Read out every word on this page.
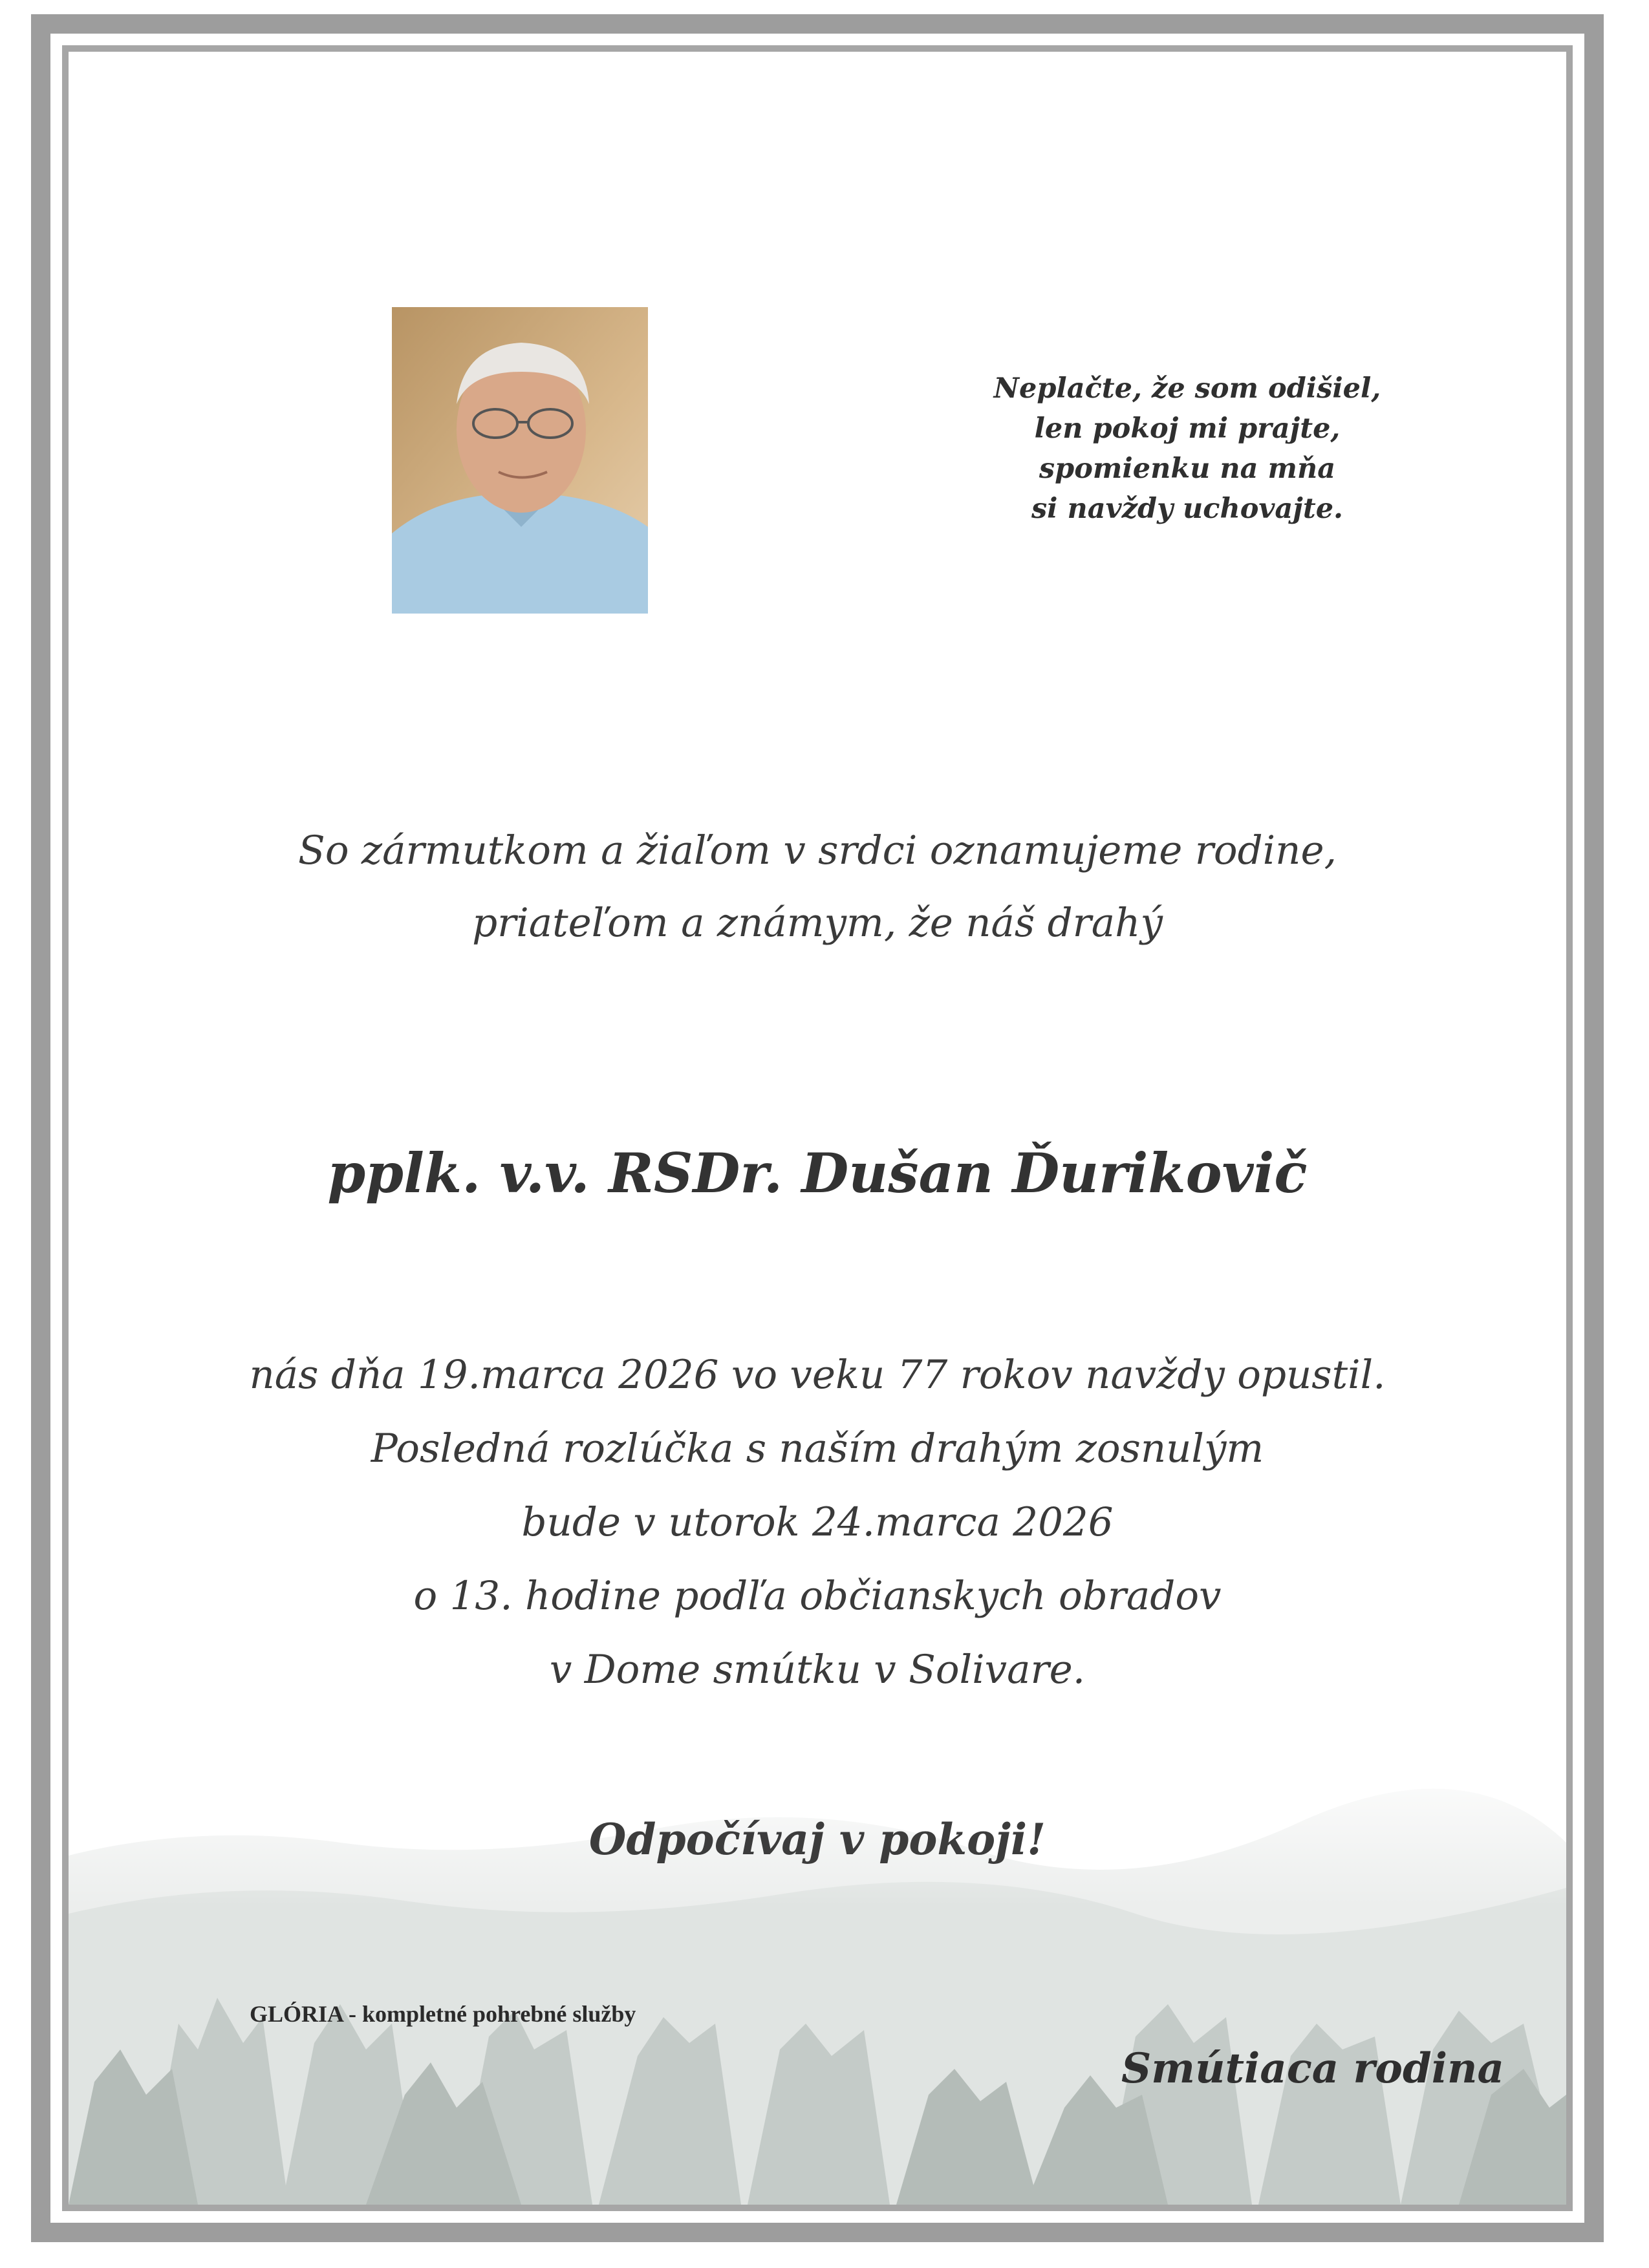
Neplačte, že som odišiel,
len pokoj mi prajte,
spomienku na mňa
si navždy uchovajte.
So zármutkom a žiaľom v srdci oznamujeme rodine,
priateľom a známym, že náš drahý
pplk. v.v. RSDr. Dušan Ďurikovič
nás dňa 19.marca 2026 vo veku 77 rokov navždy opustil.
Posledná rozlúčka s naším drahým zosnulým
bude v utorok 24.marca 2026
o 13. hodine podľa občianskych obradov
v Dome smútku v Solivare.
Odpočívaj v pokoji!
GLÓRIA - kompletné pohrebné služby
Smútiaca rodina
